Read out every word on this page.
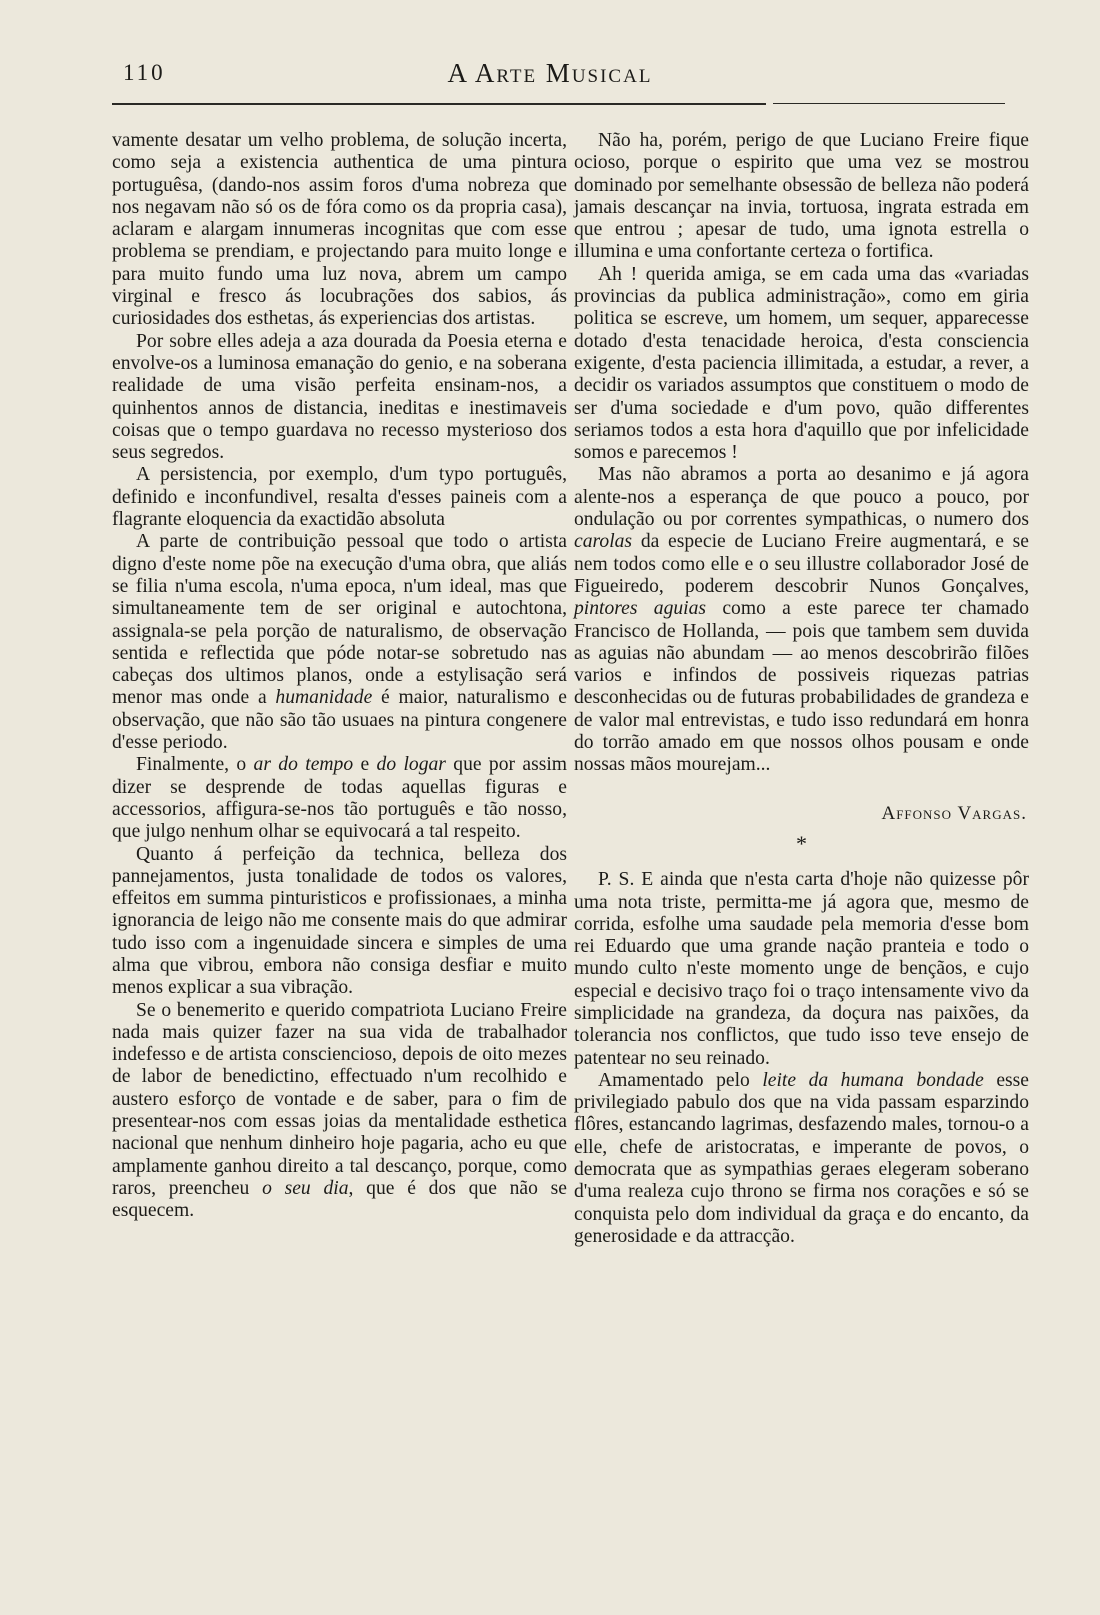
110	A Arte Musical

vamente desatar um velho problema, de solução incerta, como seja a existencia authentica de uma pintura portuguêsa, (dando-nos assim foros d'uma nobreza que nos negavam não só os de fóra como os da propria casa), aclaram e alargam innumeras incognitas que com esse problema se prendiam, e projectando para muito longe e para muito fundo uma luz nova, abrem um campo virginal e fresco ás locubrações dos sabios, ás curiosidades dos esthetas, ás experiencias dos artistas.

Por sobre elles adeja a aza dourada da Poesia eterna e envolve-os a luminosa emanação do genio, e na soberana realidade de uma visão perfeita ensinam-nos, a quinhentos annos de distancia, ineditas e inestimaveis coisas que o tempo guardava no recesso mysterioso dos seus segredos.

A persistencia, por exemplo, d'um typo português, definido e inconfundivel, resalta d'esses paineis com a flagrante eloquencia da exactidão absoluta

A parte de contribuição pessoal que todo o artista digno d'este nome põe na execução d'uma obra, que aliás se filia n'uma escola, n'uma epoca, n'um ideal, mas que simultaneamente tem de ser original e autochtona, assignala-se pela porção de naturalismo, de observação sentida e reflectida que póde notar-se sobretudo nas cabeças dos ultimos planos, onde a estylisação será menor mas onde a humanidade é maior, naturalismo e observação, que não são tão usuaes na pintura congenere d'esse periodo.

Finalmente, o ar do tempo e do logar que por assim dizer se desprende de todas aquellas figuras e accessorios, affigura-se-nos tão português e tão nosso, que julgo nenhum olhar se equivocará a tal respeito.

Quanto á perfeição da technica, belleza dos pannejamentos, justa tonalidade de todos os valores, effeitos em summa pinturisticos e profissionaes, a minha ignorancia de leigo não me consente mais do que admirar tudo isso com a ingenuidade sincera e simples de uma alma que vibrou, embora não consiga desfiar e muito menos explicar a sua vibração.

Se o benemerito e querido compatriota Luciano Freire nada mais quizer fazer na sua vida de trabalhador indefesso e de artista consciencioso, depois de oito mezes de labor de benedictino, effectuado n'um recolhido e austero esforço de vontade e de saber, para o fim de presentear-nos com essas joias da mentalidade esthetica nacional que nenhum dinheiro hoje pagaria, acho eu que amplamente ganhou direito a tal descanço, porque, como raros, preencheu o seu dia, que é dos que não se esquecem.

Não ha, porém, perigo de que Luciano Freire fique ocioso, porque o espirito que uma vez se mostrou dominado por semelhante obsessão de belleza não poderá jamais descançar na invia, tortuosa, ingrata estrada em que entrou ; apesar de tudo, uma ignota estrella o illumina e uma confortante certeza o fortifica.

Ah ! querida amiga, se em cada uma das «variadas provincias da publica administração», como em giria politica se escreve, um homem, um sequer, apparecesse dotado d'esta tenacidade heroica, d'esta consciencia exigente, d'esta paciencia illimitada, a estudar, a rever, a decidir os variados assumptos que constituem o modo de ser d'uma sociedade e d'um povo, quão differentes seriamos todos a esta hora d'aquillo que por infelicidade somos e parecemos !

Mas não abramos a porta ao desanimo e já agora alente-nos a esperança de que pouco a pouco, por ondulação ou por correntes sympathicas, o numero dos carolas da especie de Luciano Freire augmentará, e se nem todos como elle e o seu illustre collaborador José de Figueiredo, poderem descobrir Nunos Gonçalves, pintores aguias como a este parece ter chamado Francisco de Hollanda, — pois que tambem sem duvida as aguias não abundam — ao menos descobrirão filões varios e infindos de possiveis riquezas patrias desconhecidas ou de futuras probabilidades de grandeza e de valor mal entrevistas, e tudo isso redundará em honra do torrão amado em que nossos olhos pousam e onde nossas mãos mourejam...

Affonso Vargas.
*

P. S. E ainda que n'esta carta d'hoje não quizesse pôr uma nota triste, permitta-me já agora que, mesmo de corrida, esfolhe uma saudade pela memoria d'esse bom rei Eduardo que uma grande nação pranteia e todo o mundo culto n'este momento unge de bençãos, e cujo especial e decisivo traço foi o traço intensamente vivo da simplicidade na grandeza, da doçura nas paixões, da tolerancia nos conflictos, que tudo isso teve ensejo de patentear no seu reinado.

Amamentado pelo leite da humana bondade esse privilegiado pabulo dos que na vida passam esparzindo flôres, estancando lagrimas, desfazendo males, tornou-o a elle, chefe de aristocratas, e imperante de povos, o democrata que as sympathias geraes elegeram soberano d'uma realeza cujo throno se firma nos corações e só se conquista pelo dom individual da graça e do encanto, da generosidade e da attracção.
